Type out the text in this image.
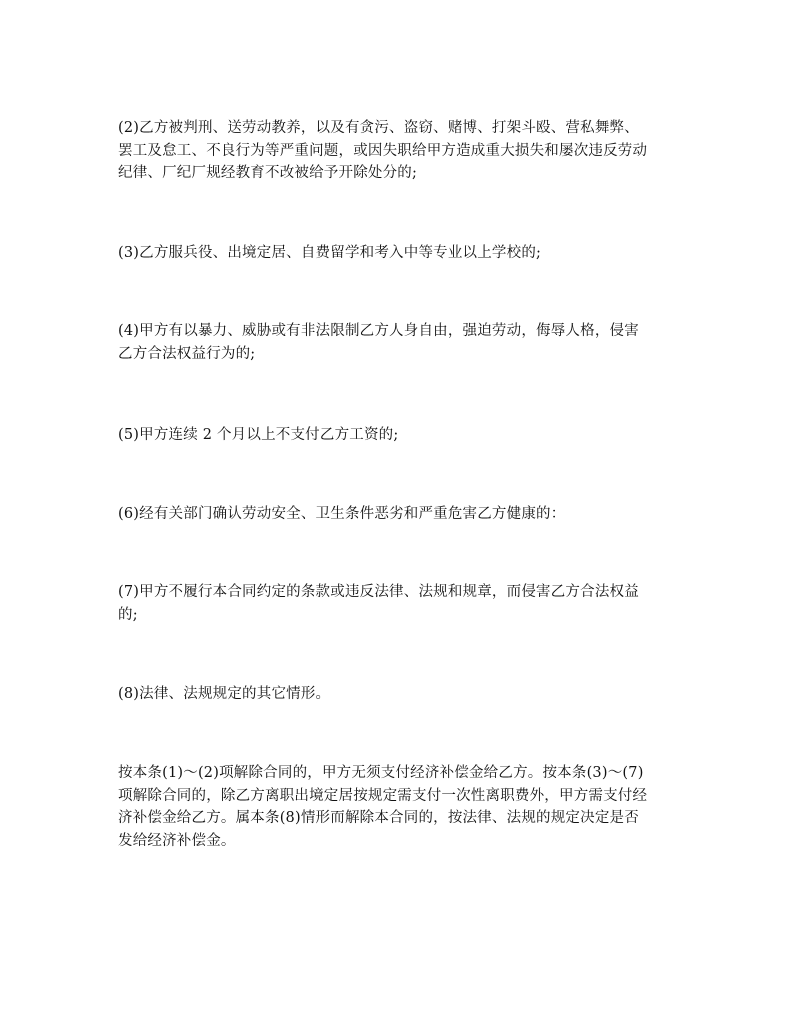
(2)乙方被判刑、送劳动教养，以及有贪污、盗窃、赌博、打架斗殴、营私舞弊、
罢工及怠工、不良行为等严重问题，或因失职给甲方造成重大损失和屡次违反劳动
纪律、厂纪厂规经教育不改被给予开除处分的;

(3)乙方服兵役、出境定居、自费留学和考入中等专业以上学校的;

(4)甲方有以暴力、威胁或有非法限制乙方人身自由，强迫劳动，侮辱人格，侵害
乙方合法权益行为的;

(5)甲方连续 2 个月以上不支付乙方工资的;

(6)经有关部门确认劳动安全、卫生条件恶劣和严重危害乙方健康的：

(7)甲方不履行本合同约定的条款或违反法律、法规和规章，而侵害乙方合法权益
的;

(8)法律、法规规定的其它情形。

按本条(1)～(2)项解除合同的，甲方无须支付经济补偿金给乙方。按本条(3)～(7)
项解除合同的，除乙方离职出境定居按规定需支付一次性离职费外，甲方需支付经
济补偿金给乙方。属本条(8)情形而解除本合同的，按法律、法规的规定决定是否
发给经济补偿金。
